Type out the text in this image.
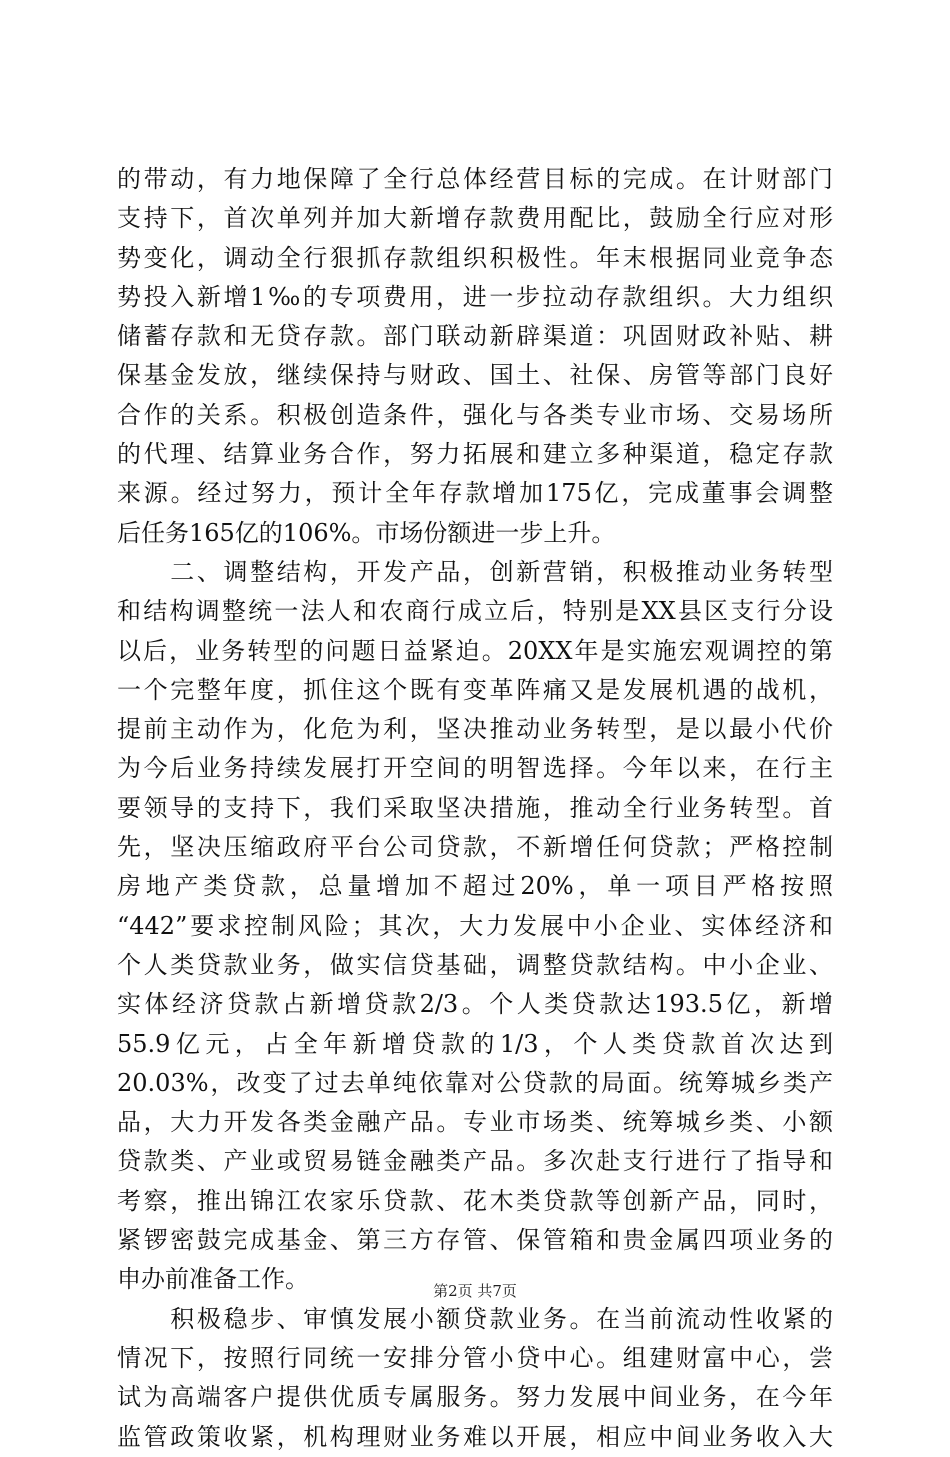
的带动，有力地保障了全行总体经营目标的完成。在计财部门
支持下，首次单列并加大新增存款费用配比，鼓励全行应对形
势变化，调动全行狠抓存款组织积极性。年末根据同业竞争态
势投入新增1‰的专项费用，进一步拉动存款组织。大力组织
储蓄存款和无贷存款。部门联动新辟渠道：巩固财政补贴、耕
保基金发放，继续保持与财政、国土、社保、房管等部门良好
合作的关系。积极创造条件，强化与各类专业市场、交易场所
的代理、结算业务合作，努力拓展和建立多种渠道，稳定存款
来源。经过努力，预计全年存款增加175亿，完成董事会调整
后任务165亿的106%。市场份额进一步上升。
　　二、调整结构，开发产品，创新营销，积极推动业务转型
和结构调整统一法人和农商行成立后，特别是XX县区支行分设
以后，业务转型的问题日益紧迫。20XX年是实施宏观调控的第
一个完整年度，抓住这个既有变革阵痛又是发展机遇的战机，
提前主动作为，化危为利，坚决推动业务转型，是以最小代价
为今后业务持续发展打开空间的明智选择。今年以来，在行主
要领导的支持下，我们采取坚决措施，推动全行业务转型。首
先，坚决压缩政府平台公司贷款，不新增任何贷款；严格控制
房地产类贷款，总量增加不超过20%，单一项目严格按照
“442”要求控制风险；其次，大力发展中小企业、实体经济和
个人类贷款业务，做实信贷基础，调整贷款结构。中小企业、
实体经济贷款占新增贷款2/3。个人类贷款达193.5亿，新增
55.9亿元，占全年新增贷款的1/3，个人类贷款首次达到
20.03%，改变了过去单纯依靠对公贷款的局面。统筹城乡类产
品，大力开发各类金融产品。专业市场类、统筹城乡类、小额
贷款类、产业或贸易链金融类产品。多次赴支行进行了指导和
考察，推出锦江农家乐贷款、花木类贷款等创新产品，同时，
紧锣密鼓完成基金、第三方存管、保管箱和贵金属四项业务的
申办前准备工作。
　　积极稳步、审慎发展小额贷款业务。在当前流动性收紧的
情况下，按照行同统一安排分管小贷中心。组建财富中心，尝
试为高端客户提供优质专属服务。努力发展中间业务，在今年
监管政策收紧，机构理财业务难以开展，相应中间业务收入大
第2页 共7页
